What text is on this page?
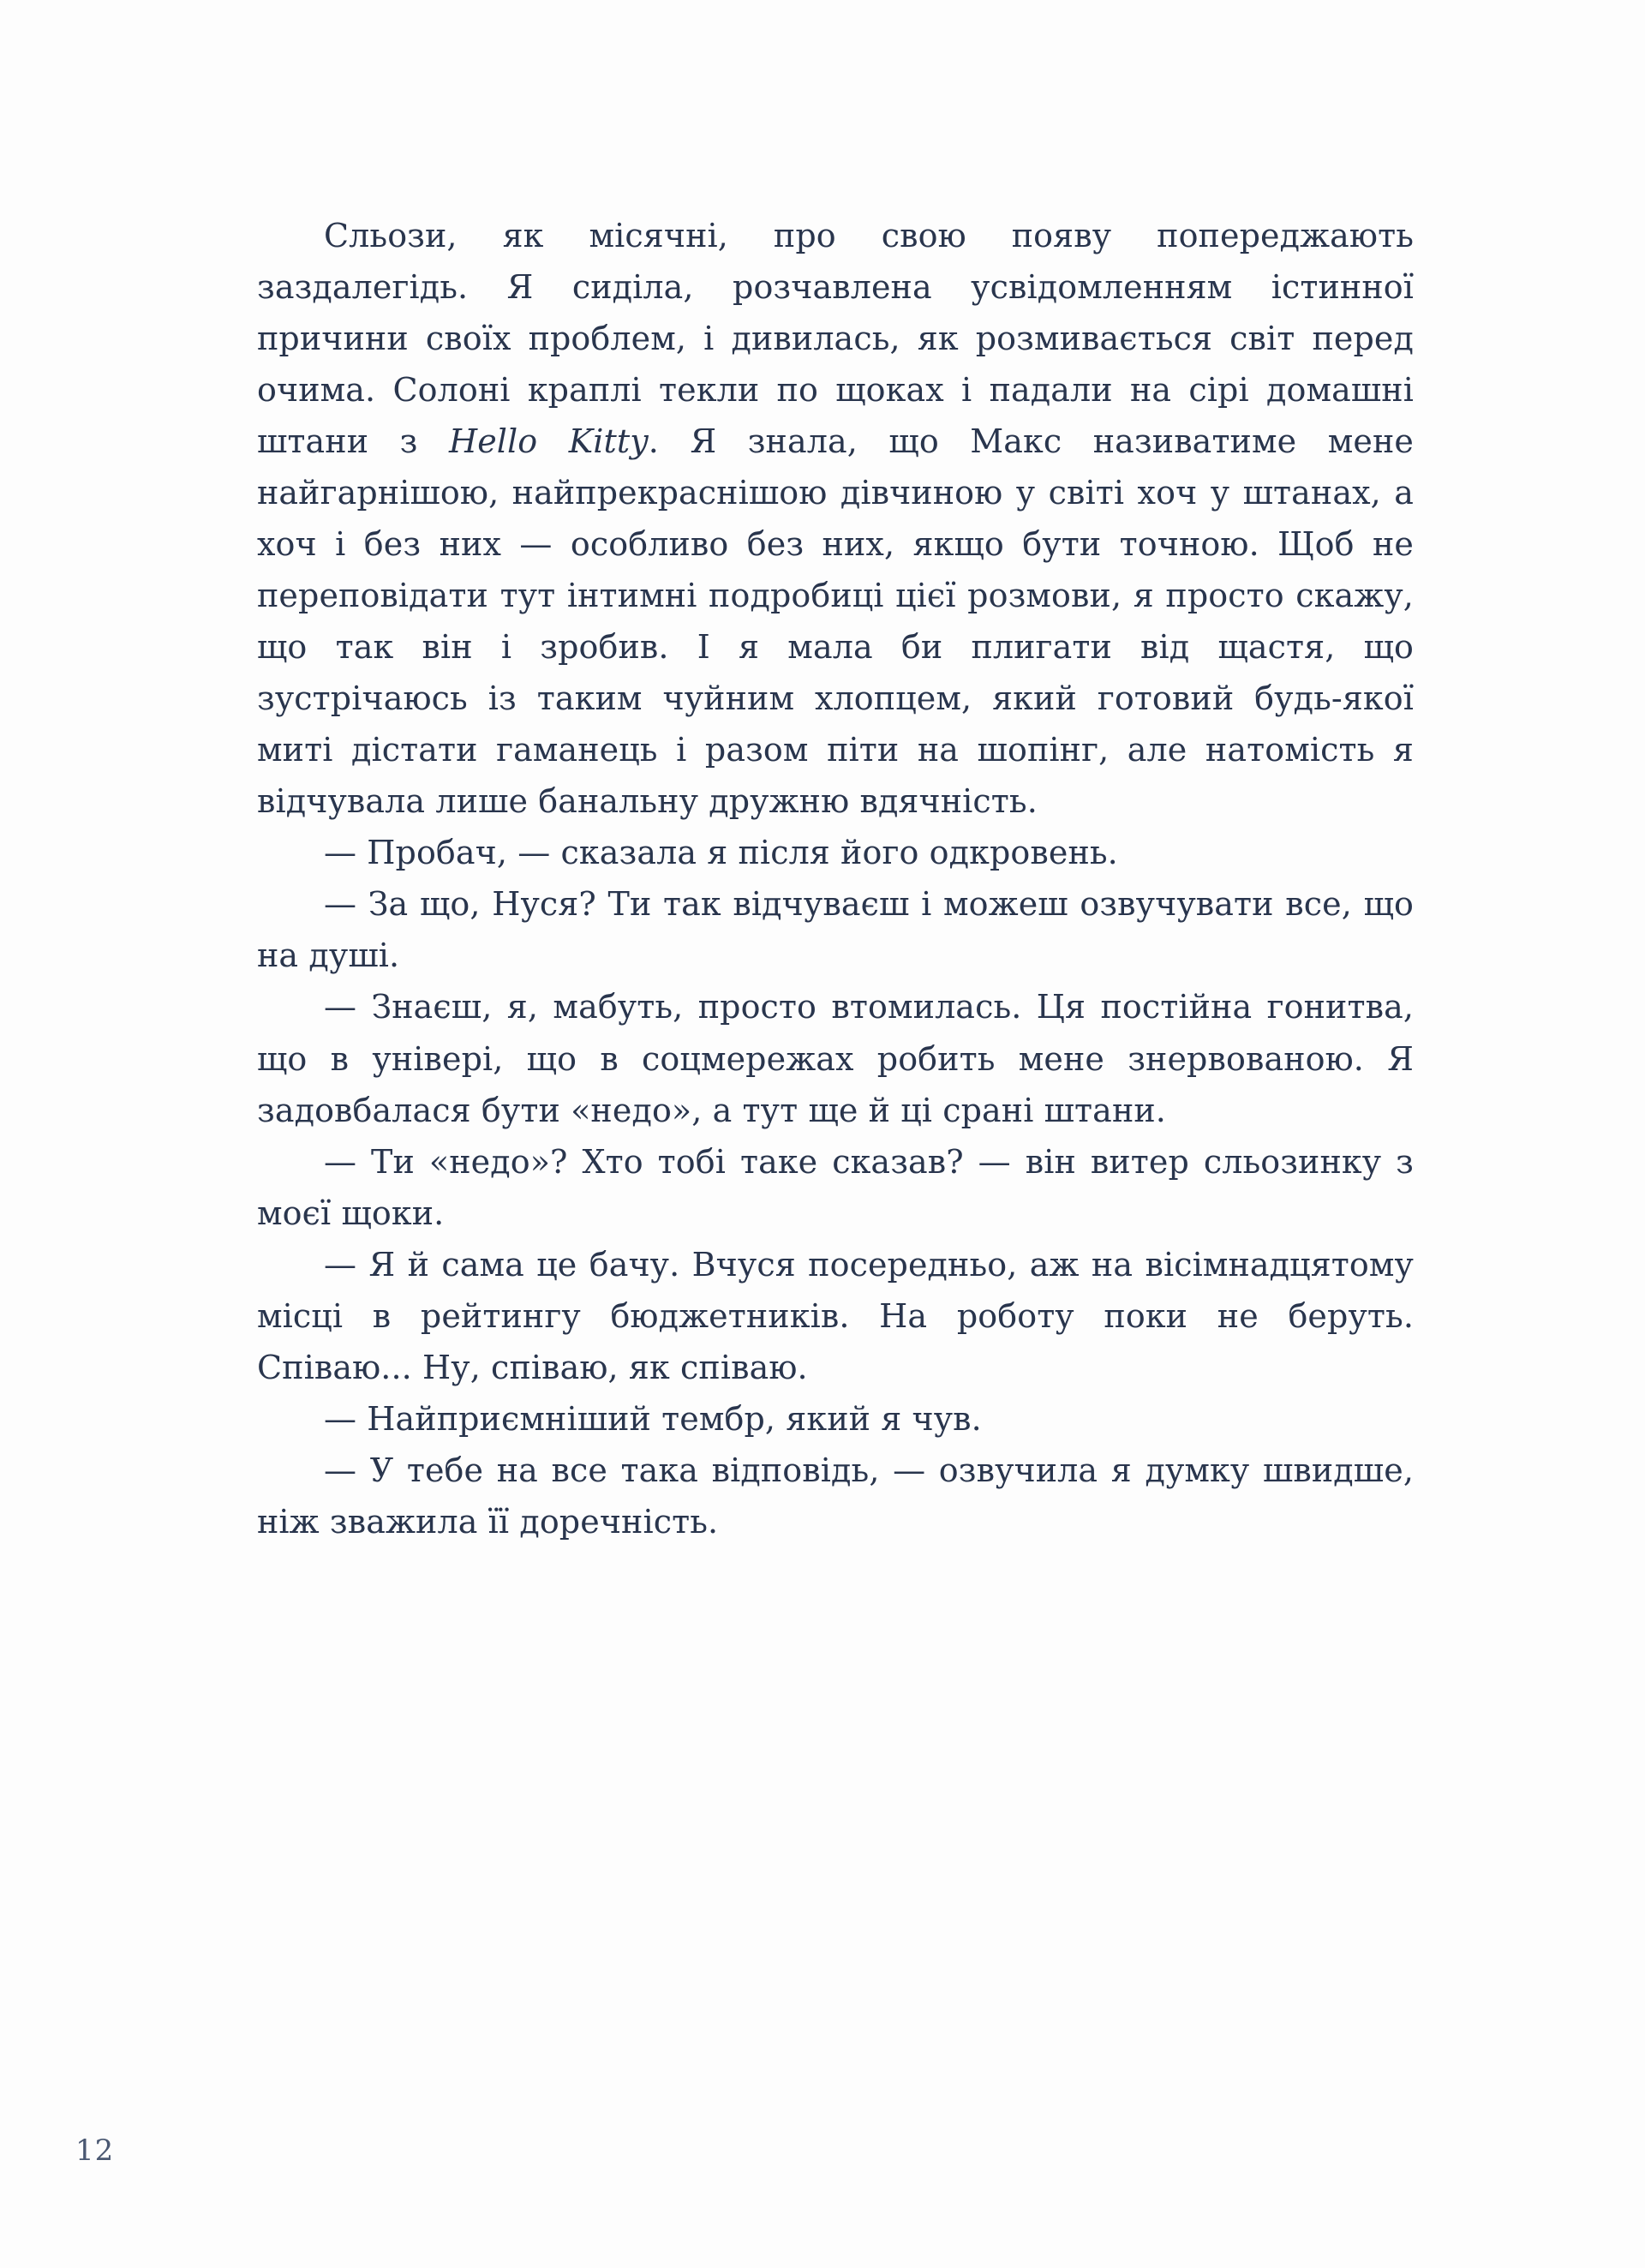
Сльози, як місячні, про свою появу попереджають заздалегідь. Я сиділа, розчавлена усвідомленням істинної причини своїх проблем, і дивилась, як розмивається світ перед очима. Солоні краплі текли по щоках і падали на сірі домашні штани з Hello Kitty. Я знала, що Макс називатиме мене найгарнішою, найпрекраснішою дівчиною у світі хоч у штанах, а хоч і без них — особливо без них, якщо бути точною. Щоб не переповідати тут інтимні подробиці цієї розмови, я просто скажу, що так він і зробив. І я мала би плигати від щастя, що зустрічаюсь із таким чуйним хлопцем, який готовий будь-якої миті дістати гаманець і разом піти на шопінг, але натомість я відчувала лише банальну дружню вдячність.

— Пробач, — сказала я після його одкровень.

— За що, Нуся? Ти так відчуваєш і можеш озвучувати все, що на душі.

— Знаєш, я, мабуть, просто втомилась. Ця постійна гонитва, що в універі, що в соцмережах робить мене знервованою. Я задовбалася бути «недо», а тут ще й ці срані штани.

— Ти «недо»? Хто тобі таке сказав? — він витер сльозинку з моєї щоки.

— Я й сама це бачу. Вчуся посередньо, аж на вісімнадцятому місці в рейтингу бюджетників. На роботу поки не беруть. Співаю... Ну, співаю, як співаю.

— Найприємніший тембр, який я чув.

— У тебе на все така відповідь, — озвучила я думку швидше, ніж зважила її доречність.

12
